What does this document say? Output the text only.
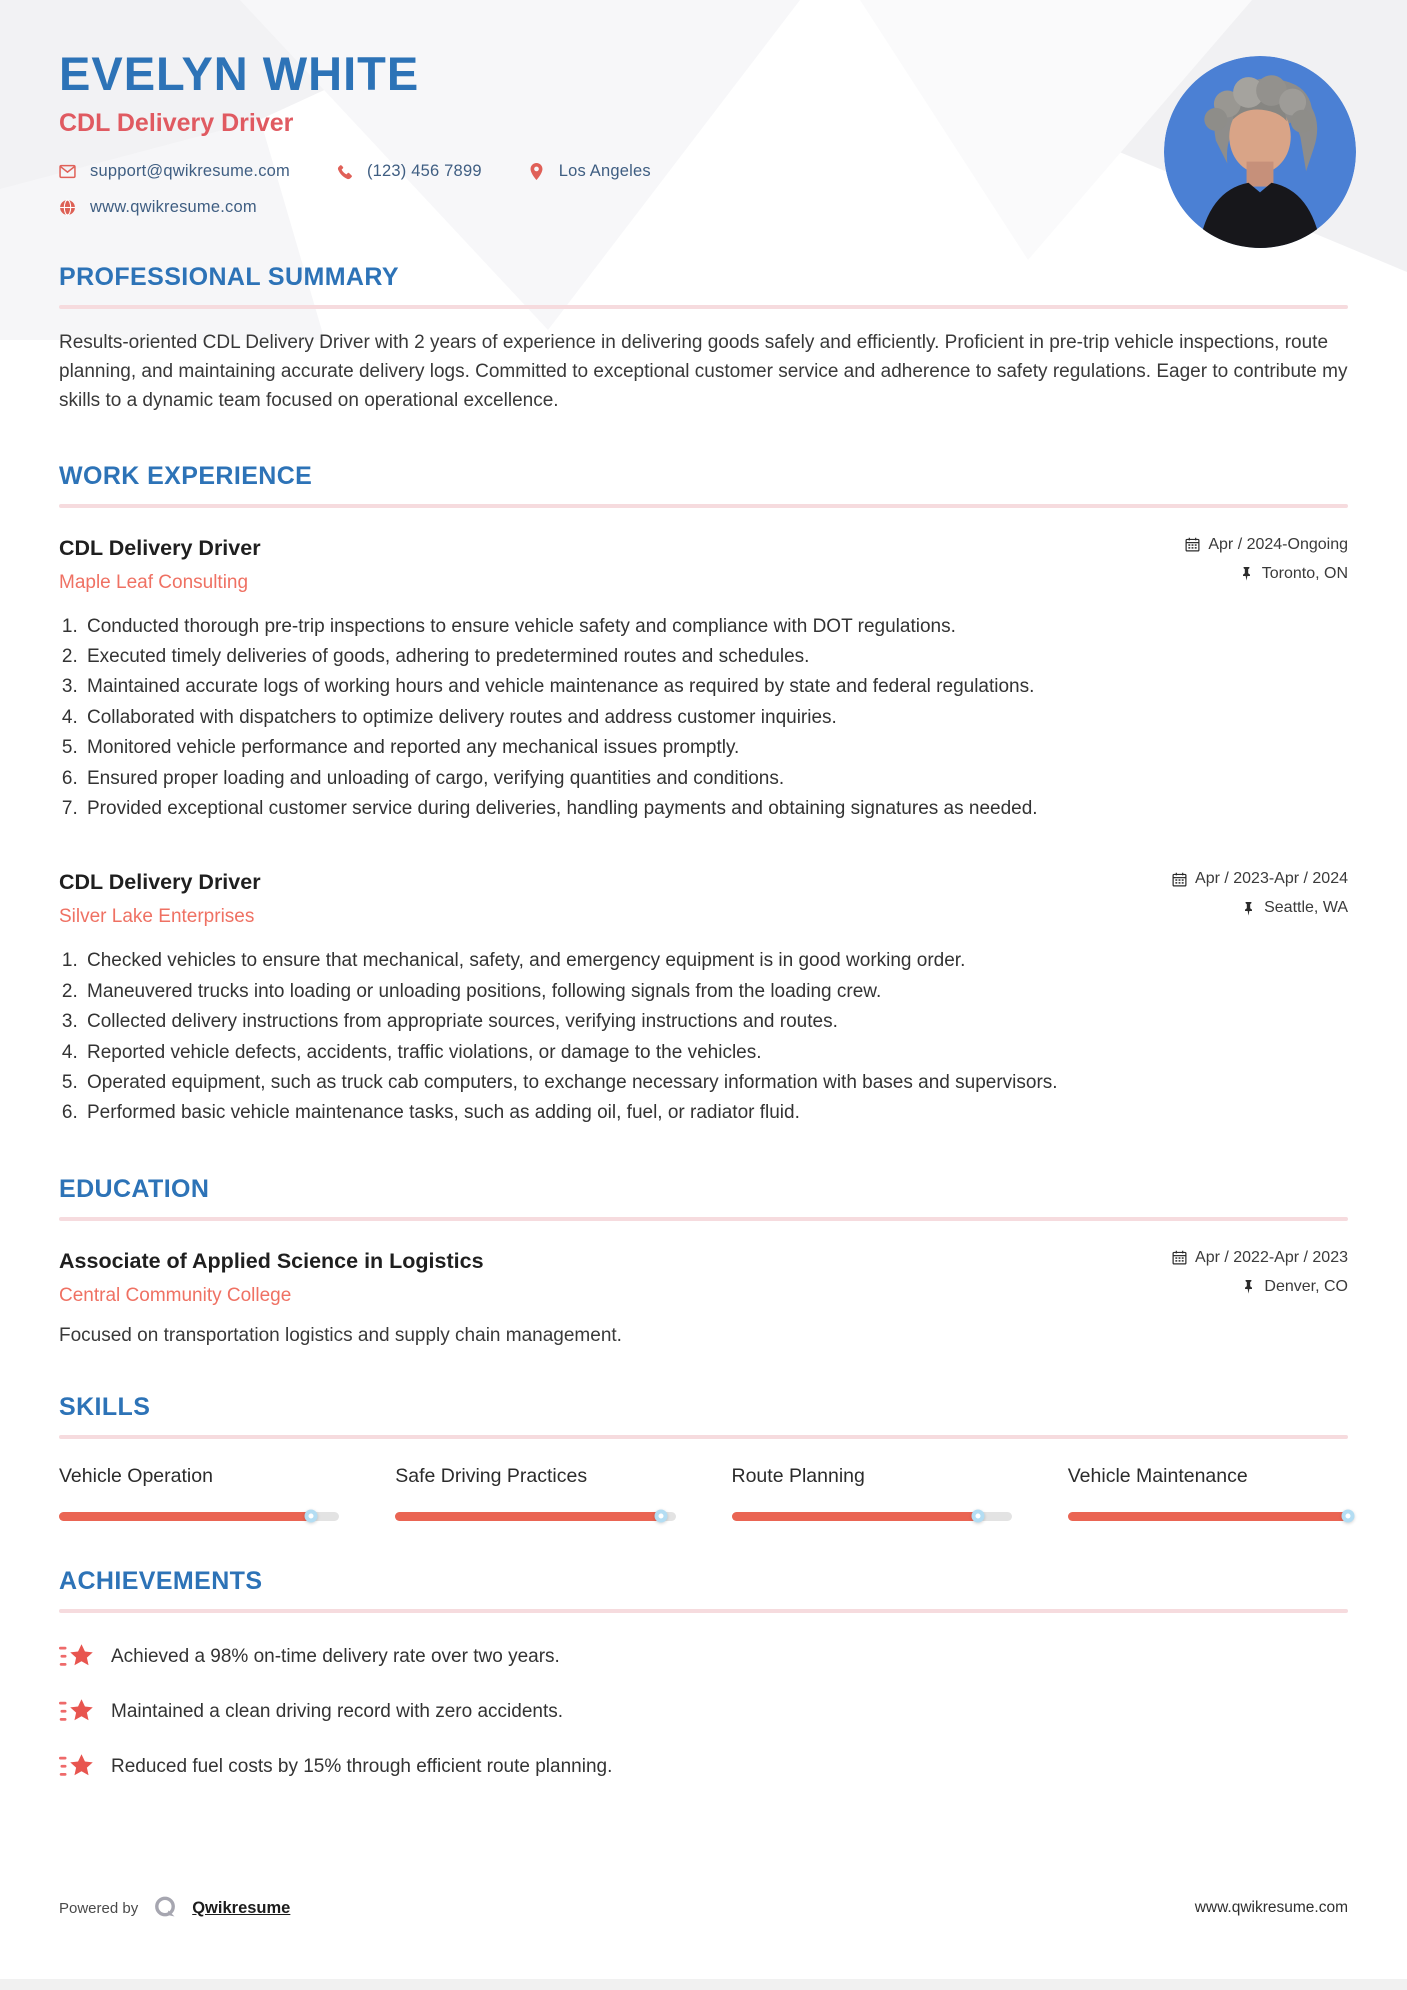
EVELYN WHITE
CDL Delivery Driver
support@qwikresume.com	(123) 456 7899	Los Angeles
www.qwikresume.com
PROFESSIONAL SUMMARY

Results-oriented CDL Delivery Driver with 2 years of experience in delivering goods safely and efficiently. Proficient in pre-trip vehicle inspections, route planning, and maintaining accurate delivery logs. Committed to exceptional customer service and adherence to safety regulations. Eager to contribute my skills to a dynamic team focused on operational excellence.

WORK EXPERIENCE
CDL Delivery Driver
Maple Leaf Consulting
Apr / 2024-Ongoing
Toronto, ON
1. Conducted thorough pre-trip inspections to ensure vehicle safety and compliance with DOT regulations.
2. Executed timely deliveries of goods, adhering to predetermined routes and schedules.
3. Maintained accurate logs of working hours and vehicle maintenance as required by state and federal regulations.
4. Collaborated with dispatchers to optimize delivery routes and address customer inquiries.
5. Monitored vehicle performance and reported any mechanical issues promptly.
6. Ensured proper loading and unloading of cargo, verifying quantities and conditions.
7. Provided exceptional customer service during deliveries, handling payments and obtaining signatures as needed.
CDL Delivery Driver
Silver Lake Enterprises
Apr / 2023-Apr / 2024
Seattle, WA
1. Checked vehicles to ensure that mechanical, safety, and emergency equipment is in good working order.
2. Maneuvered trucks into loading or unloading positions, following signals from the loading crew.
3. Collected delivery instructions from appropriate sources, verifying instructions and routes.
4. Reported vehicle defects, accidents, traffic violations, or damage to the vehicles.
5. Operated equipment, such as truck cab computers, to exchange necessary information with bases and supervisors.
6. Performed basic vehicle maintenance tasks, such as adding oil, fuel, or radiator fluid.
EDUCATION
Associate of Applied Science in Logistics
Central Community College
Apr / 2022-Apr / 2023
Denver, CO

Focused on transportation logistics and supply chain management.

SKILLS
Vehicle Operation	Safe Driving Practices	Route Planning	Vehicle Maintenance
ACHIEVEMENTS
Achieved a 98% on-time delivery rate over two years.
Maintained a clean driving record with zero accidents.
Reduced fuel costs by 15% through efficient route planning.
Powered by	Qwikresume	www.qwikresume.com
